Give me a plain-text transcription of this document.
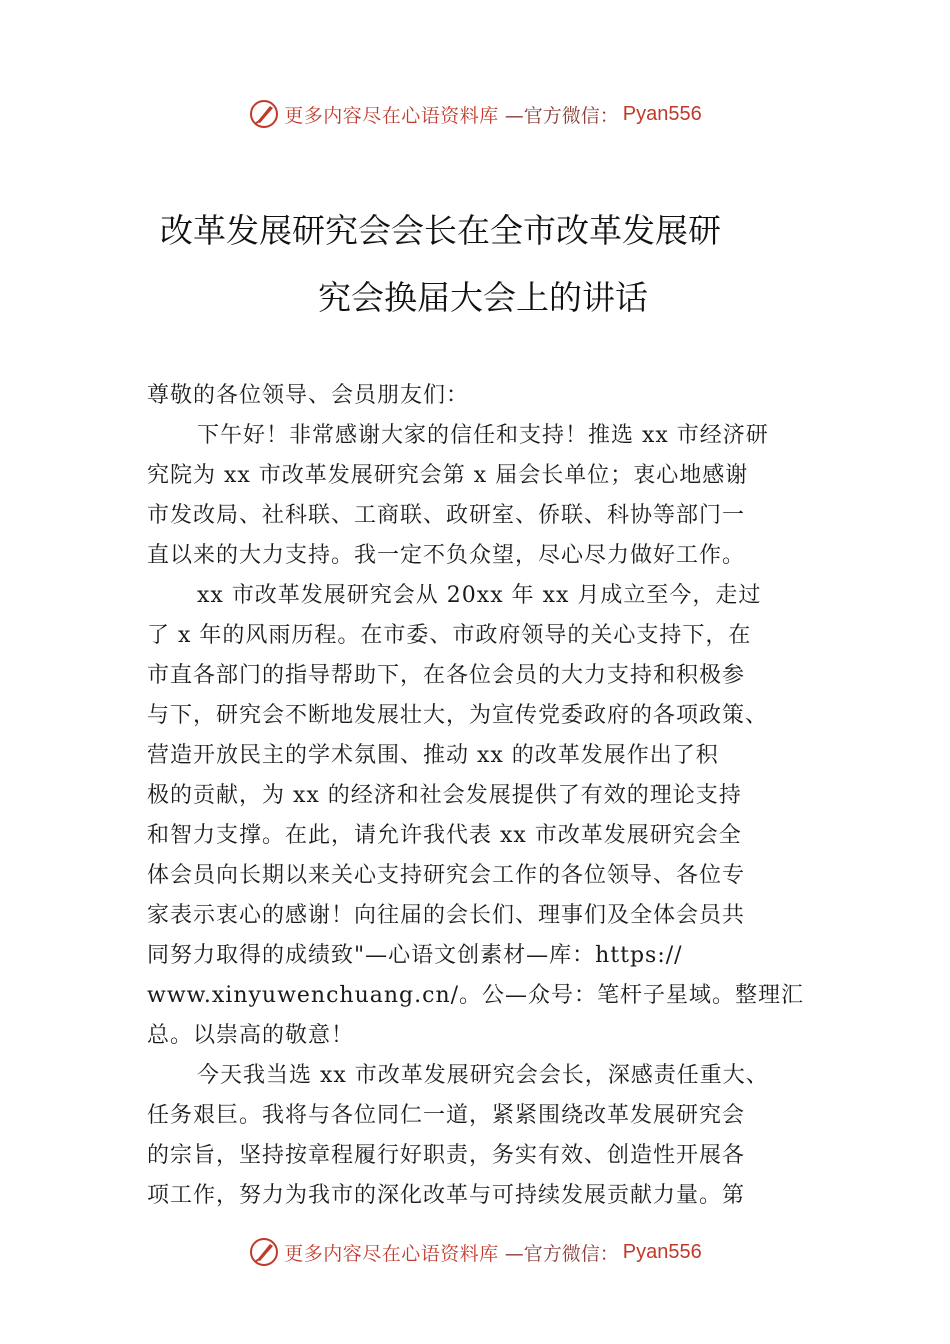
更多内容尽在心语资料库 —官方微信： Pyan556
改革发展研究会会长在全市改革发展研
究会换届大会上的讲话
尊敬的各位领导、会员朋友们：
下午好！非常感谢大家的信任和支持！推选 xx 市经济研
究院为 xx 市改革发展研究会第 x 届会长单位；衷心地感谢
市发改局、社科联、工商联、政研室、侨联、科协等部门一
直以来的大力支持。我一定不负众望，尽心尽力做好工作。
xx 市改革发展研究会从 20xx 年 xx 月成立至今，走过
了 x 年的风雨历程。在市委、市政府领导的关心支持下，在
市直各部门的指导帮助下，在各位会员的大力支持和积极参
与下，研究会不断地发展壮大，为宣传党委政府的各项政策、
营造开放民主的学术氛围、推动 xx 的改革发展作出了积
极的贡献，为 xx 的经济和社会发展提供了有效的理论支持
和智力支撑。在此，请允许我代表 xx 市改革发展研究会全
体会员向长期以来关心支持研究会工作的各位领导、各位专
家表示衷心的感谢！向往届的会长们、理事们及全体会员共
同努力取得的成绩致"—心语文创素材—库：https://
www.xinyuwenchuang.cn/。公—众号：笔杆子星域。整理汇
总。以崇高的敬意！
今天我当选 xx 市改革发展研究会会长，深感责任重大、
任务艰巨。我将与各位同仁一道，紧紧围绕改革发展研究会
的宗旨，坚持按章程履行好职责，务实有效、创造性开展各
项工作，努力为我市的深化改革与可持续发展贡献力量。第
更多内容尽在心语资料库 —官方微信： Pyan556
